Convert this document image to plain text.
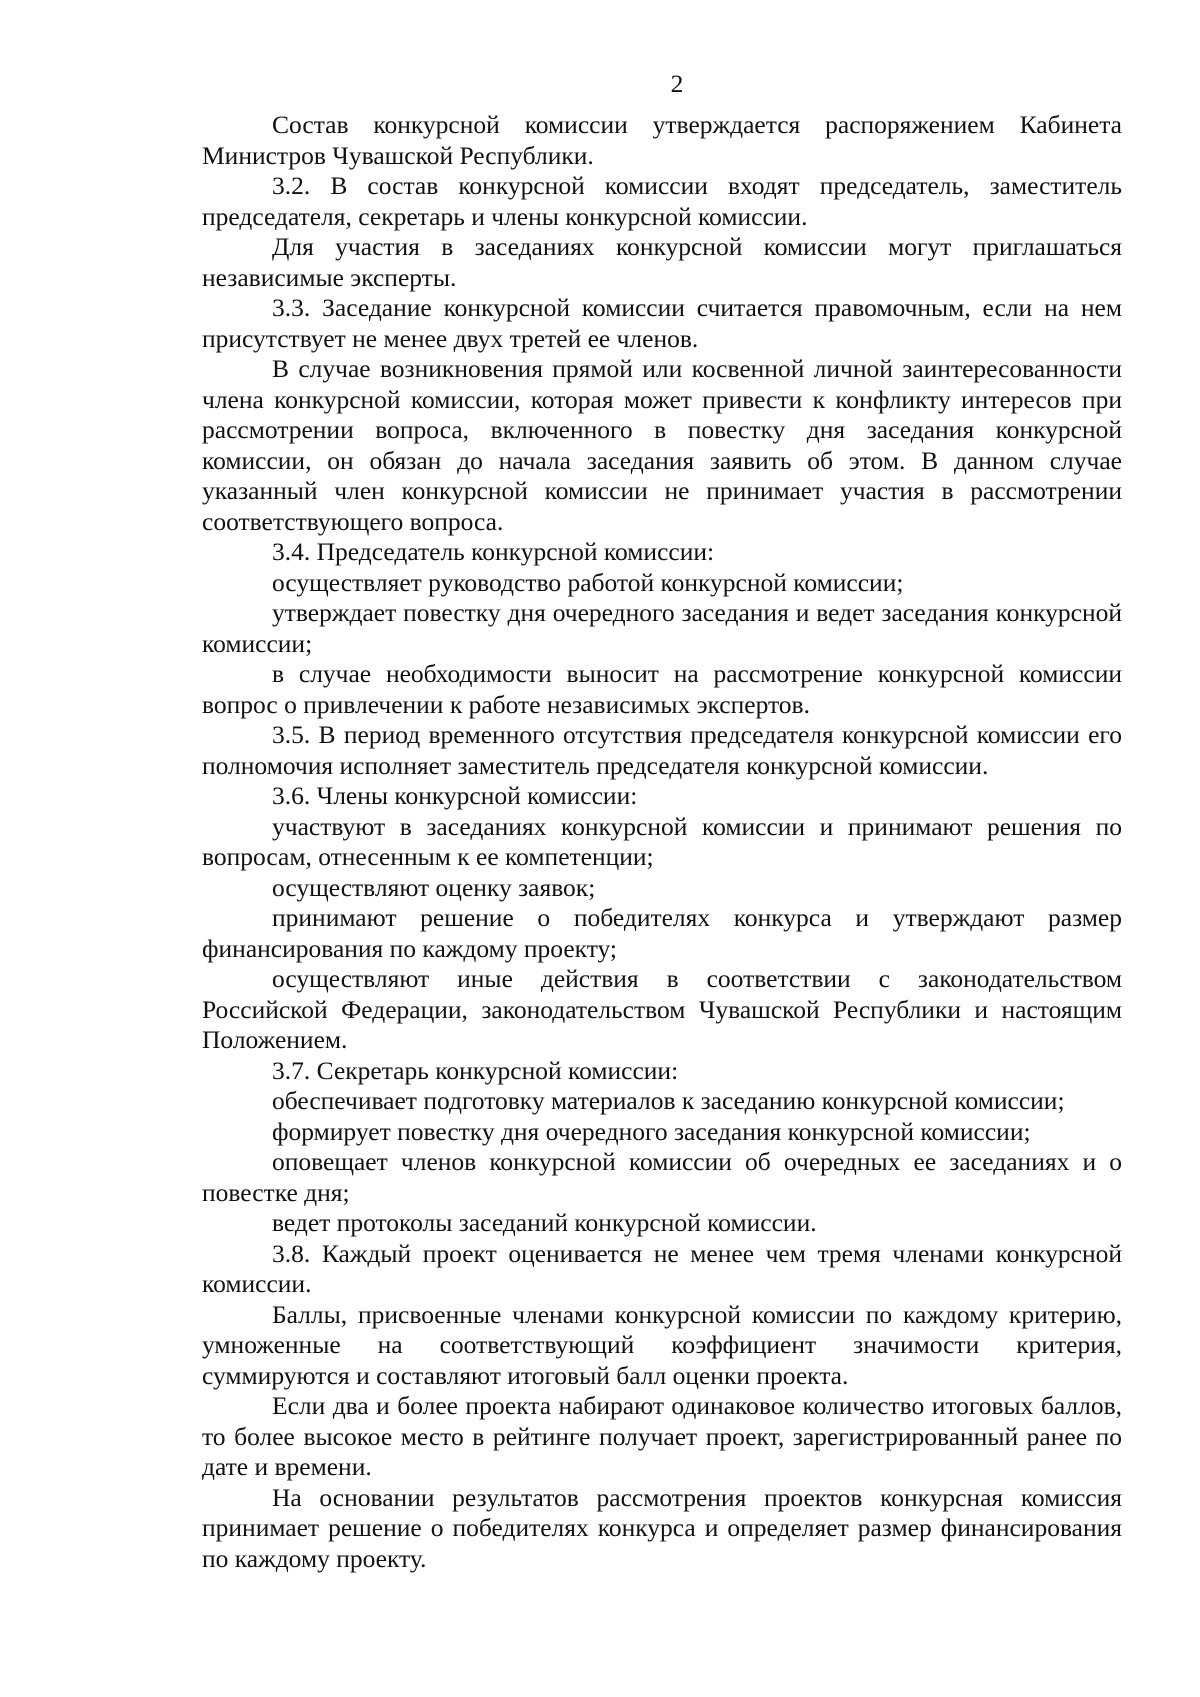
2

Состав конкурсной комиссии утверждается распоряжением Кабинета Министров Чувашской Республики.

3.2. В состав конкурсной комиссии входят председатель, заместитель председателя, секретарь и члены конкурсной комиссии.

Для участия в заседаниях конкурсной комиссии могут приглашаться независимые эксперты.

3.3. Заседание конкурсной комиссии считается правомочным, если на нем присутствует не менее двух третей ее членов.

В случае возникновения прямой или косвенной личной заинтересованности члена конкурсной комиссии, которая может привести к конфликту интересов при рассмотрении вопроса, включенного в повестку дня заседания конкурсной комиссии, он обязан до начала заседания заявить об этом. В данном случае указанный член конкурсной комиссии не принимает участия в рассмотрении соответствующего вопроса.

3.4. Председатель конкурсной комиссии:

осуществляет руководство работой конкурсной комиссии;

утверждает повестку дня очередного заседания и ведет заседания конкурсной комиссии;

в случае необходимости выносит на рассмотрение конкурсной комиссии вопрос о привлечении к работе независимых экспертов.

3.5. В период временного отсутствия председателя конкурсной комиссии его полномочия исполняет заместитель председателя конкурсной комиссии.

3.6. Члены конкурсной комиссии:

участвуют в заседаниях конкурсной комиссии и принимают решения по вопросам, отнесенным к ее компетенции;

осуществляют оценку заявок;

принимают решение о победителях конкурса и утверждают размер финансирования по каждому проекту;

осуществляют иные действия в соответствии с законодательством Российской Федерации, законодательством Чувашской Республики и настоящим Положением.

3.7. Секретарь конкурсной комиссии:

обеспечивает подготовку материалов к заседанию конкурсной комиссии;

формирует повестку дня очередного заседания конкурсной комиссии;

оповещает членов конкурсной комиссии об очередных ее заседаниях и о повестке дня;

ведет протоколы заседаний конкурсной комиссии.

3.8. Каждый проект оценивается не менее чем тремя членами конкурсной комиссии.

Баллы, присвоенные членами конкурсной комиссии по каждому критерию, умноженные на соответствующий коэффициент значимости критерия, суммируются и составляют итоговый балл оценки проекта.

Если два и более проекта набирают одинаковое количество итоговых баллов, то более высокое место в рейтинге получает проект, зарегистрированный ранее по дате и времени.

На основании результатов рассмотрения проектов конкурсная комиссия принимает решение о победителях конкурса и определяет размер финансирования по каждому проекту.
